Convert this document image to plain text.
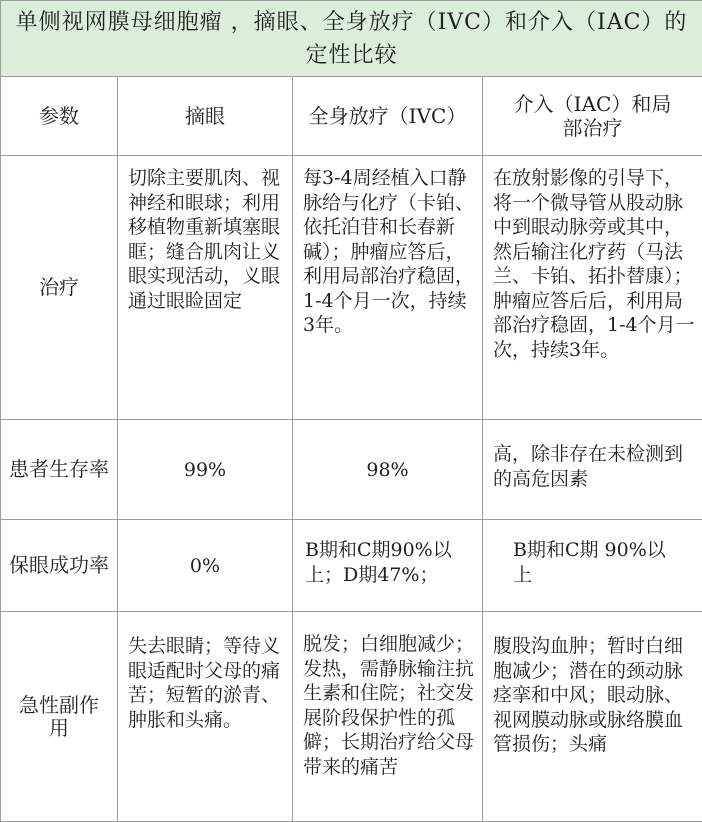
单侧视网膜母细胞瘤 ，摘眼、全身放疗（IVC）和介入（IAC）的定性比较			
参数	摘眼	全身放疗（IVC）	介入（IAC）和局部治疗
治疗	切除主要肌肉、视神经和眼球；利用移植物重新填塞眼眶；缝合肌肉让义眼实现活动，义眼通过眼睑固定	每3-4周经植入口静脉给与化疗（卡铂、依托泊苷和长春新碱）；肿瘤应答后，利用局部治疗稳固，1-4个月一次，持续3年。	在放射影像的引导下，将一个微导管从股动脉中到眼动脉旁或其中，然后输注化疗药（马法兰、卡铂、拓扑替康）；肿瘤应答后后，利用局部治疗稳固，1-4个月一次，持续3年。
患者生存率	99%	98%	高，除非存在未检测到的高危因素
保眼成功率	0%	B期和C期90%以上；D期47%；	B期和C期 90%以上
急性副作用	失去眼睛；等待义眼适配时父母的痛苦；短暂的淤青、肿胀和头痛。	脱发；白细胞减少；发热，需静脉输注抗生素和住院；社交发展阶段保护性的孤僻；长期治疗给父母带来的痛苦	腹股沟血肿；暂时白细胞减少；潜在的颈动脉痉挛和中风；眼动脉、视网膜动脉或脉络膜血管损伤；头痛
